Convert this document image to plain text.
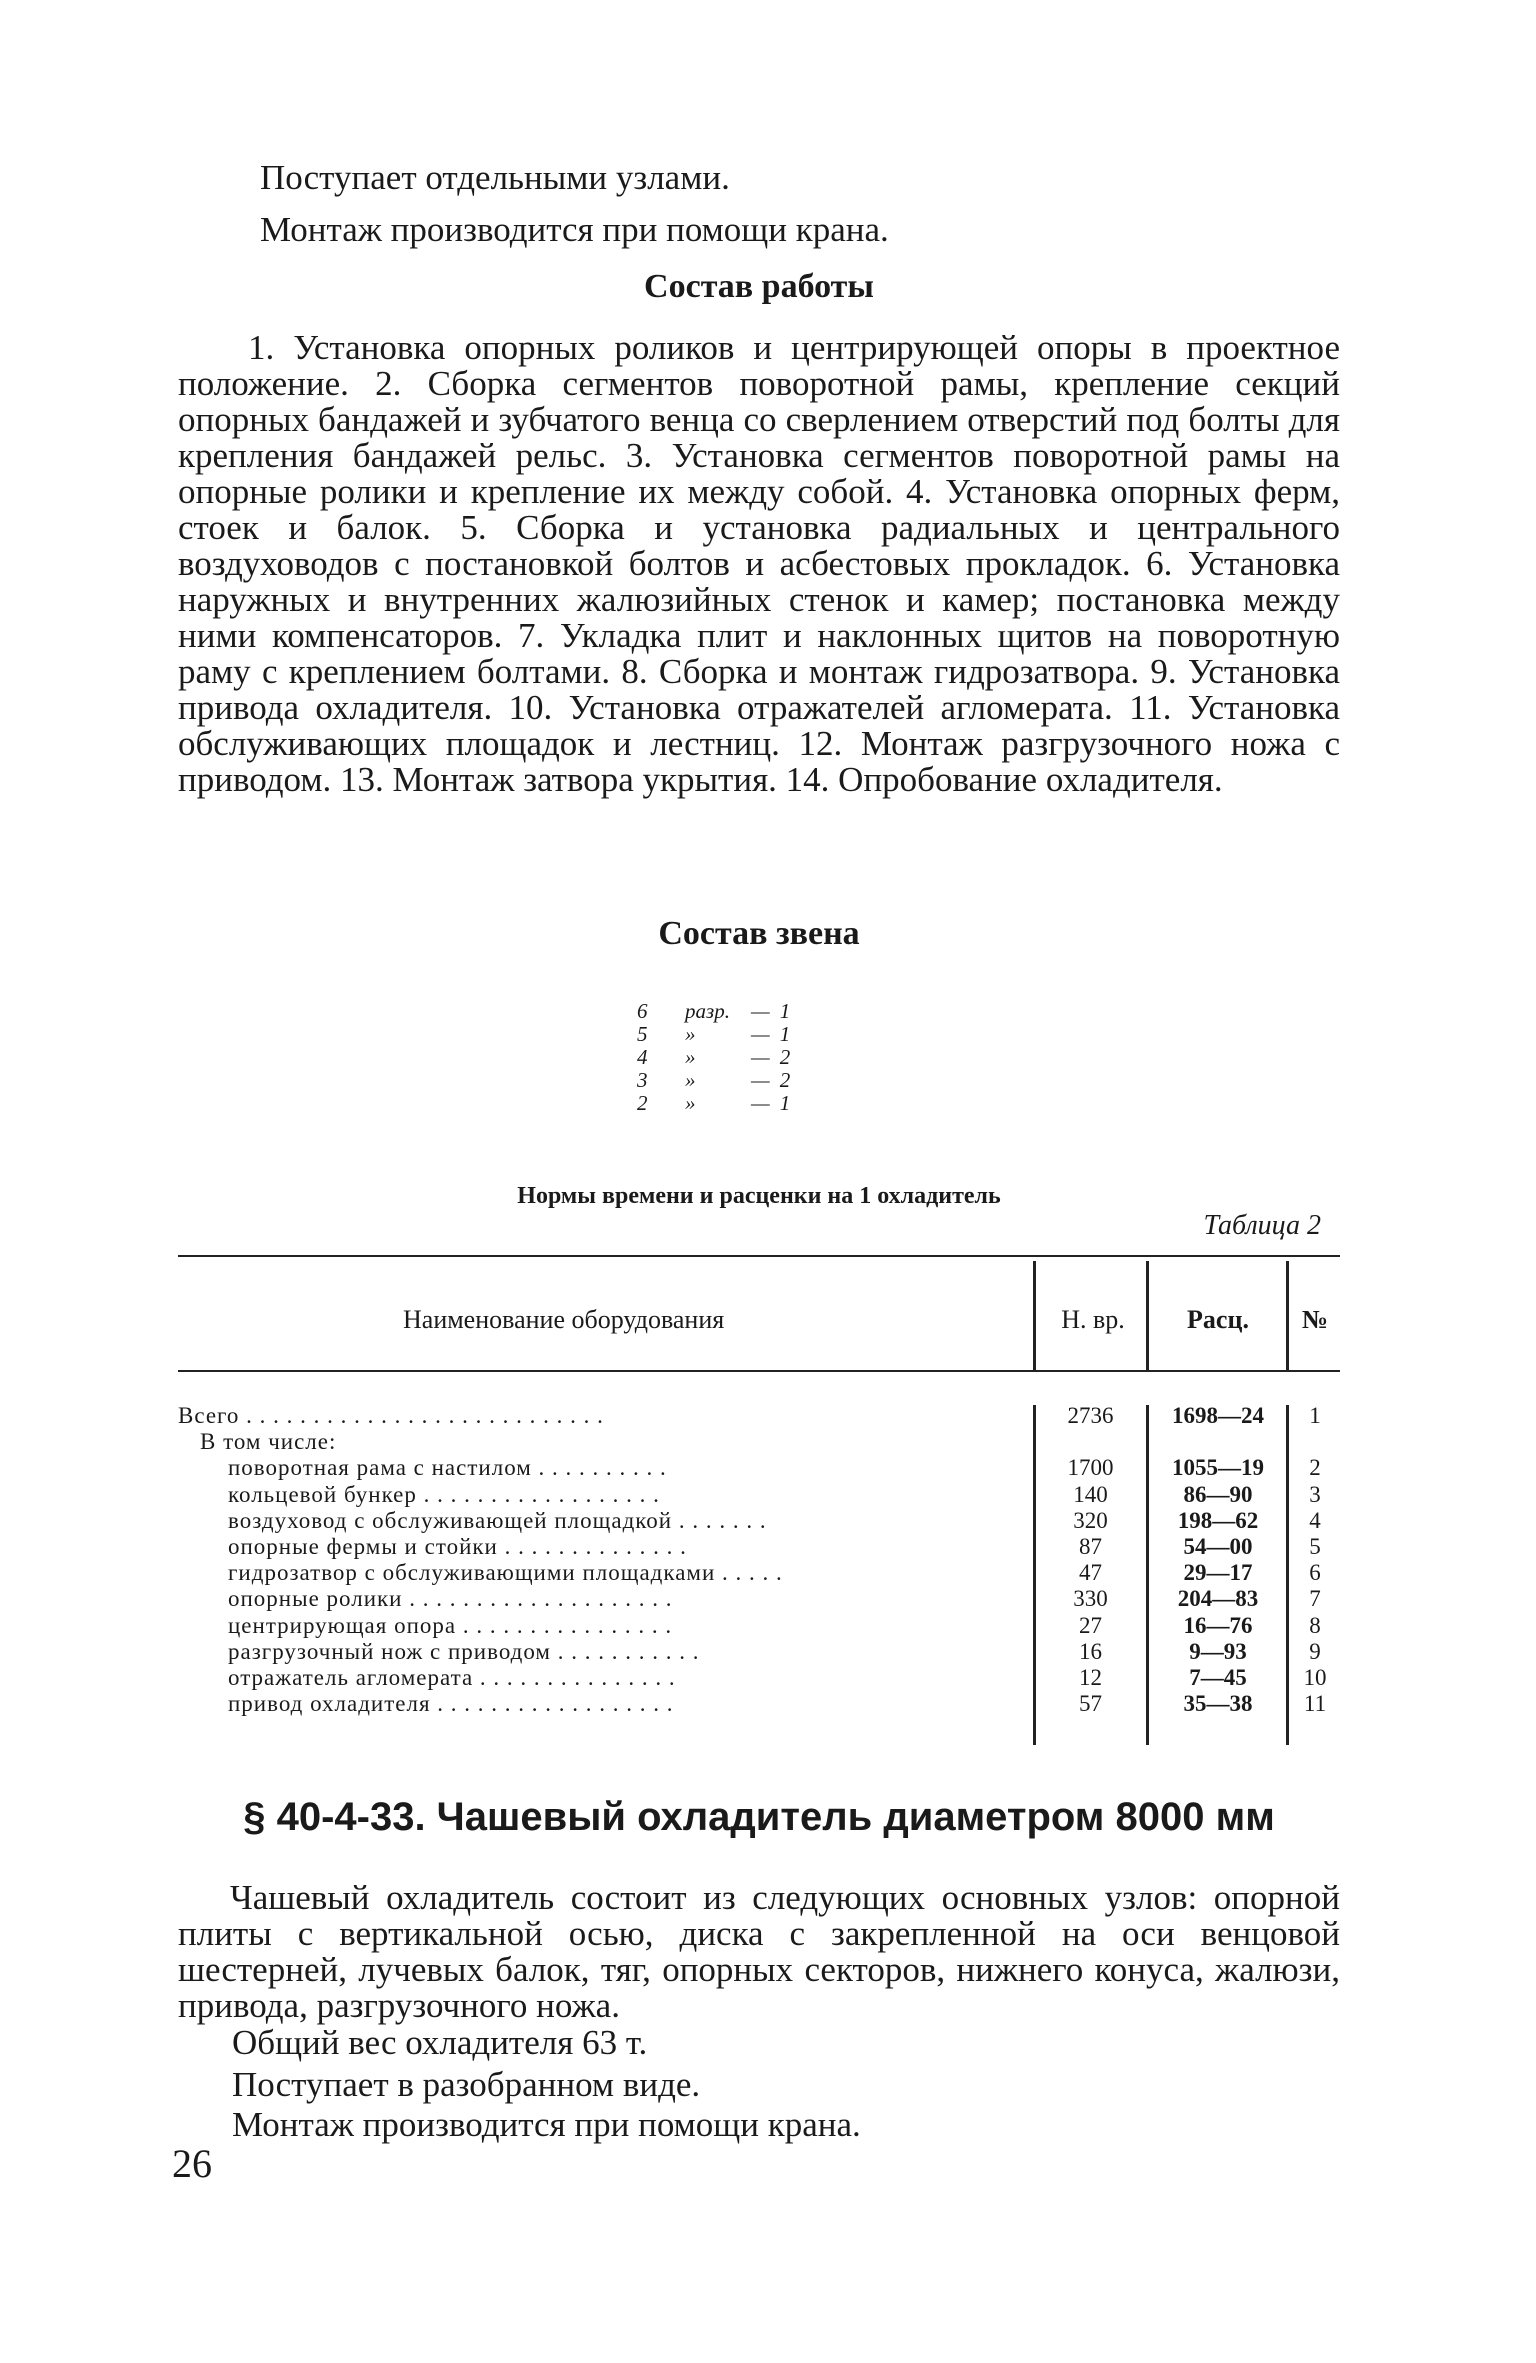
Поступает отдельными узлами.

Монтаж производится при помощи крана.

Состав работы

1. Установка опорных роликов и центрирующей опоры в проектное положение. 2. Сборка сегментов поворотной рамы, крепление секций опорных бандажей и зубчатого венца со сверлением отверстий под болты для крепления бандажей рельс. 3. Установка сегментов поворотной рамы на опорные ролики и крепление их между собой. 4. Установка опорных ферм, стоек и балок. 5. Сборка и установка радиальных и центрального воздуховодов с постановкой болтов и асбестовых прокладок. 6. Установка наружных и внутренних жалюзийных стенок и камер; постановка между ними компенсаторов. 7. Укладка плит и наклонных щитов на поворотную раму с креплением болтами. 8. Сборка и монтаж гидрозатвора. 9. Установка привода охладителя. 10. Установка отражателей агломерата. 11. Установка обслуживающих площадок и лестниц. 12. Монтаж разгрузочного ножа с приводом. 13. Монтаж затвора укрытия. 14. Опробование охладителя.

Состав звена
6	разр.	— 1
5	»	— 1
4	»	— 2
3	»	— 2
2	»	— 1
Нормы времени и расценки на 1 охладитель

Таблица 2

Наименование оборудования	Н. вр.	Расц.	№
Всего . . . . . . . . . . . . . . . . . . . . . . . . . . .	2736	1698—24	1
В том числе:
поворотная рама с настилом . . . . . . . . . .	1700	1055—19	2
кольцевой бункер . . . . . . . . . . . . . . . . . .	140	86—90	3
воздуховод с обслуживающей площадкой . . . . . . .	320	198—62	4
опорные фермы и стойки . . . . . . . . . . . . . .	87	54—00	5
гидрозатвор с обслуживающими площадками . . . . .	47	29—17	6
опорные ролики . . . . . . . . . . . . . . . . . . . .	330	204—83	7
центрирующая опора . . . . . . . . . . . . . . . .	27	16—76	8
разгрузочный нож с приводом . . . . . . . . . . .	16	9—93	9
отражатель агломерата . . . . . . . . . . . . . . .	12	7—45	10
привод охладителя . . . . . . . . . . . . . . . . . .	57	35—38	11
§ 40-4-33. Чашевый охладитель диаметром 8000 мм

Чашевый охладитель состоит из следующих основных узлов: опорной плиты с вертикальной осью, диска с закрепленной на оси венцовой шестерней, лучевых балок, тяг, опорных секторов, нижнего конуса, жалюзи, привода, разгрузочного ножа.

Общий вес охладителя 63 т.

Поступает в разобранном виде.

Монтаж производится при помощи крана.

26
